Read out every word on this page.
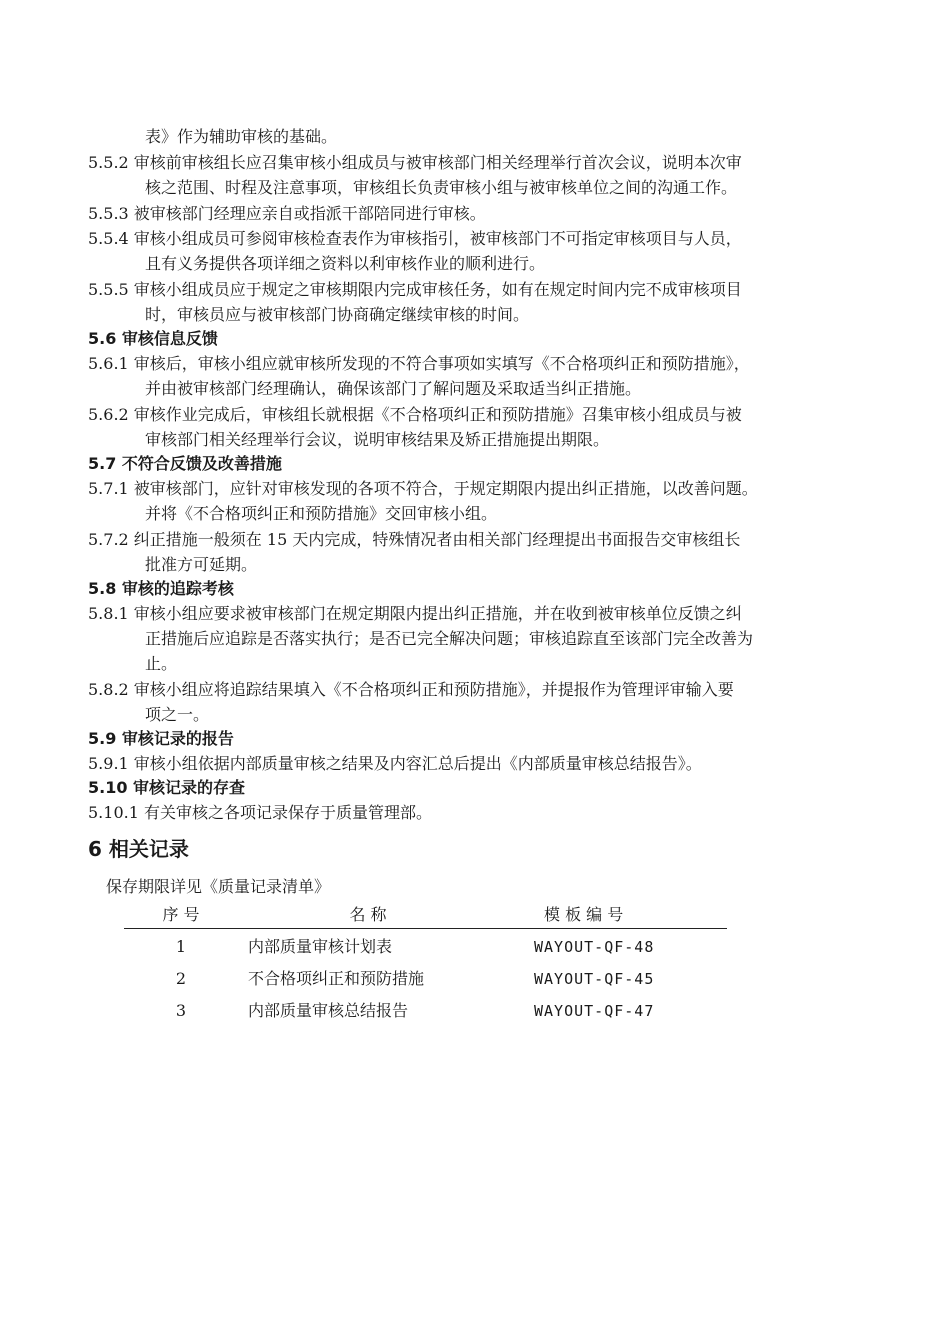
表》作为辅助审核的基础。
5.5.2 审核前审核组长应召集审核小组成员与被审核部门相关经理举行首次会议，说明本次审
核之范围、时程及注意事项，审核组长负责审核小组与被审核单位之间的沟通工作。
5.5.3 被审核部门经理应亲自或指派干部陪同进行审核。
5.5.4 审核小组成员可参阅审核检查表作为审核指引，被审核部门不可指定审核项目与人员，
且有义务提供各项详细之资料以利审核作业的顺利进行。
5.5.5 审核小组成员应于规定之审核期限内完成审核任务，如有在规定时间内完不成审核项目
时，审核员应与被审核部门协商确定继续审核的时间。
5.6 审核信息反馈
5.6.1 审核后，审核小组应就审核所发现的不符合事项如实填写《不合格项纠正和预防措施》，
并由被审核部门经理确认，确保该部门了解问题及采取适当纠正措施。
5.6.2 审核作业完成后，审核组长就根据《不合格项纠正和预防措施》召集审核小组成员与被
审核部门相关经理举行会议，说明审核结果及矫正措施提出期限。
5.7 不符合反馈及改善措施
5.7.1 被审核部门，应针对审核发现的各项不符合，于规定期限内提出纠正措施，以改善问题。
并将《不合格项纠正和预防措施》交回审核小组。
5.7.2 纠正措施一般须在 15 天内完成，特殊情况者由相关部门经理提出书面报告交审核组长
批准方可延期。
5.8 审核的追踪考核
5.8.1 审核小组应要求被审核部门在规定期限内提出纠正措施，并在收到被审核单位反馈之纠
正措施后应追踪是否落实执行；是否已完全解决问题；审核追踪直至该部门完全改善为
止。
5.8.2 审核小组应将追踪结果填入《不合格项纠正和预防措施》，并提报作为管理评审输入要
项之一。
5.9 审核记录的报告
5.9.1 审核小组依据内部质量审核之结果及内容汇总后提出《内部质量审核总结报告》。
5.10 审核记录的存查
5.10.1 有关审核之各项记录保存于质量管理部。
6 相关记录
保存期限详见《质量记录清单》
序 号	名 称	模 板 编 号
1	内部质量审核计划表	WAYOUT-QF-48
2	不合格项纠正和预防措施	WAYOUT-QF-45
3	内部质量审核总结报告	WAYOUT-QF-47
